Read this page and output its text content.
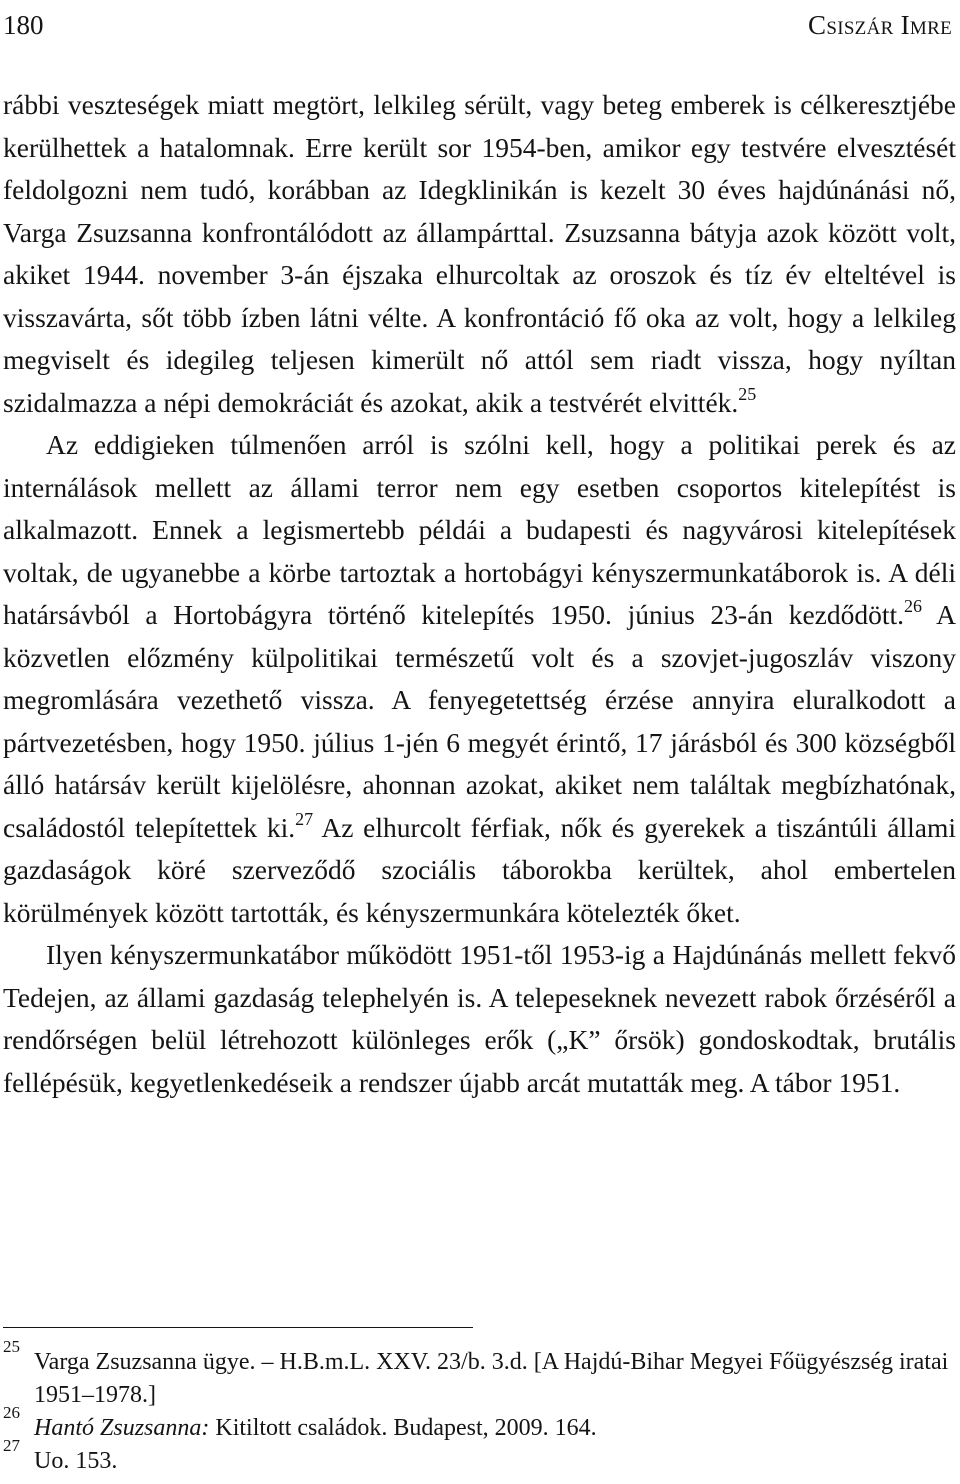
180	Csiszár Imre

rábbi veszteségek miatt megtört, lelkileg sérült, vagy beteg emberek is célkeresztjébe kerülhettek a hatalomnak. Erre került sor 1954-ben, amikor egy testvére elvesztését feldolgozni nem tudó, korábban az Idegklinikán is kezelt 30 éves hajdúnánási nő, Varga Zsuzsanna konfrontálódott az állampárttal. Zsuzsanna bátyja azok között volt, akiket 1944. november 3-án éjszaka elhurcoltak az oroszok és tíz év elteltével is visszavárta, sőt több ízben látni vélte. A konfrontáció fő oka az volt, hogy a lelkileg megviselt és idegileg teljesen kimerült nő attól sem riadt vissza, hogy nyíltan szidalmazza a népi demokráciát és azokat, akik a testvérét elvitték.$^{25}$

Az eddigieken túlmenően arról is szólni kell, hogy a politikai perek és az internálások mellett az állami terror nem egy esetben csoportos kitelepítést is alkalmazott. Ennek a legismertebb példái a budapesti és nagyvárosi kitelepítések voltak, de ugyanebbe a körbe tartoztak a hortobágyi kényszermunkatáborok is. A déli határsávból a Hortobágyra történő kitelepítés 1950. június 23-án kezdődött.$^{26}$ A közvetlen előzmény külpolitikai természetű volt és a szovjet-jugoszláv viszony megromlására vezethető vissza. A fenyegetettség érzése annyira eluralkodott a pártvezetésben, hogy 1950. július 1-jén 6 megyét érintő, 17 járásból és 300 községből álló határsáv került kijelölésre, ahonnan azokat, akiket nem találtak megbízhatónak, családostól telepítettek ki.$^{27}$ Az elhurcolt férfiak, nők és gyerekek a tiszántúli állami gazdaságok köré szerveződő szociális táborokba kerültek, ahol embertelen körülmények között tartották, és kényszermunkára kötelezték őket.

Ilyen kényszermunkatábor működött 1951-től 1953-ig a Hajdúnánás mellett fekvő Tedejen, az állami gazdaság telephelyén is. A telepeseknek nevezett rabok őrzéséről a rendőrségen belül létrehozott különleges erők („K” őrsök) gondoskodtak, brutális fellépésük, kegyetlenkedéseik a rendszer újabb arcát mutatták meg. A tábor 1951.

25
Varga Zsuzsanna ügye. – H.B.m.L. XXV. 23/b. 3.d. [A Hajdú-Bihar Megyei Főügyészség iratai 1951–1978.]
26
Hantó Zsuzsanna: Kitiltott családok. Budapest, 2009. 164.
27
Uo. 153.
